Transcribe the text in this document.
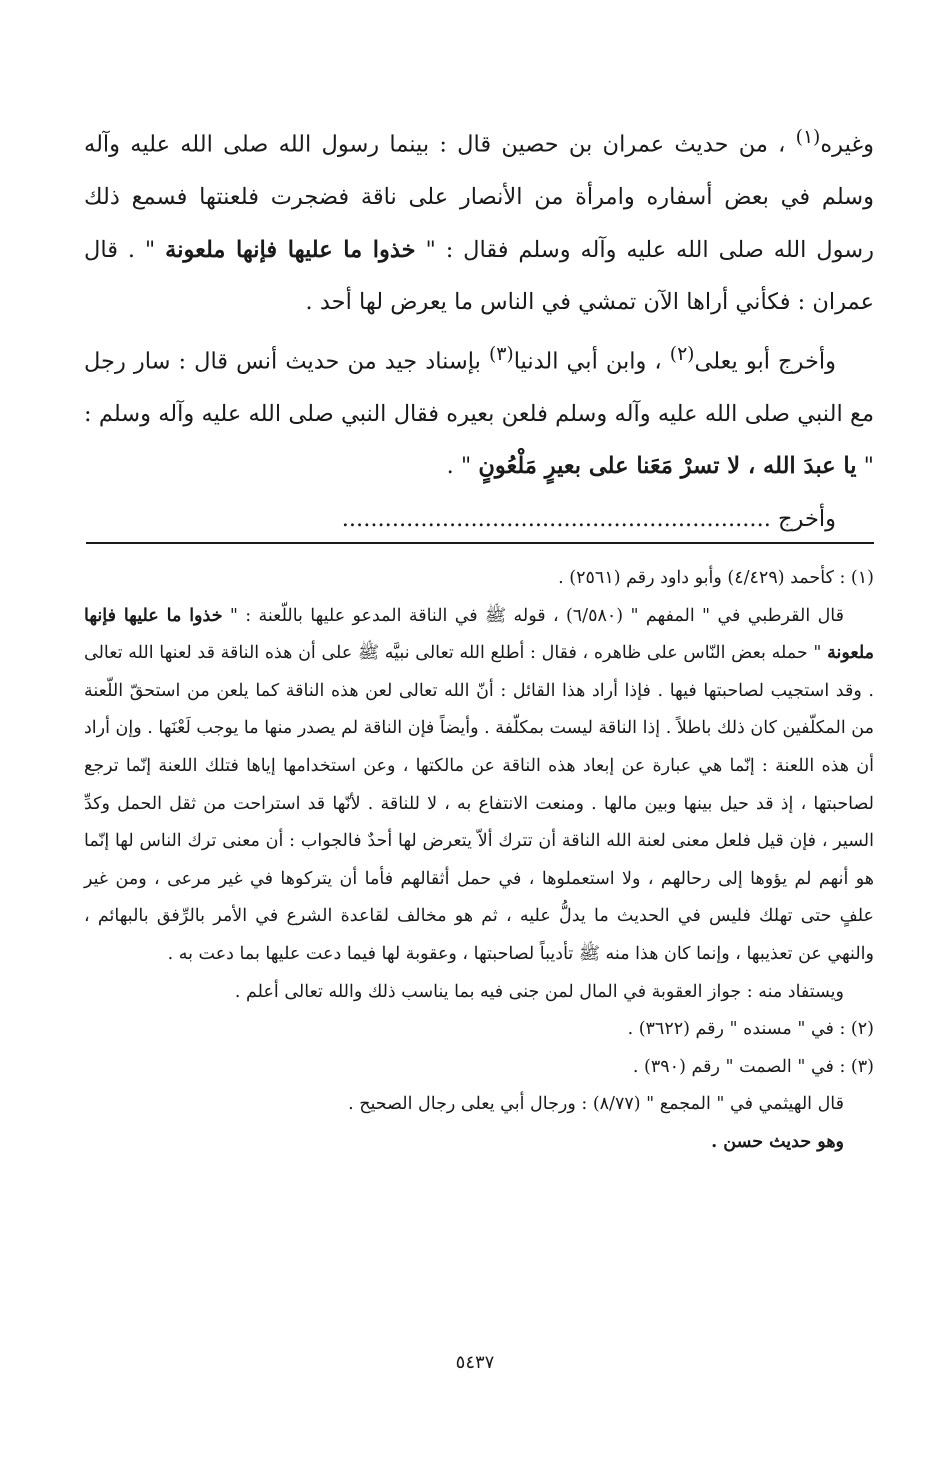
وغيره$^{(١)}$ ، من حديث عمران بن حصين قال : بينما رسول الله صلى الله عليه وآله وسلم في بعض أسفاره وامرأة من الأنصار على ناقة فضجرت فلعنتها فسمع ذلك رسول الله صلى الله عليه وآله وسلم فقال : " خذوا ما عليها فإنها ملعونة " . قال عمران : فكأني أراها الآن تمشي في الناس ما يعرض لها أحد .

وأخرج أبو يعلى$^{(٢)}$ ، وابن أبي الدنيا$^{(٣)}$ بإسناد جيد من حديث أنس قال : سار رجل مع النبي صلى الله عليه وآله وسلم فلعن بعيره فقال النبي صلى الله عليه وآله وسلم : " يا عبدَ الله ، لا تسرْ مَعَنا على بعيرٍ مَلْعُونٍ " .

وأخرج ............................................................

(١) : كأحمد (٤/٤٢٩) وأبو داود رقم (٢٥٦١) .

قال القرطبي في " المفهم " (٦/٥٨٠) ، قوله ﷺ في الناقة المدعو عليها باللّعنة : " خذوا ما عليها فإنها ملعونة " حمله بعض النّاس على ظاهره ، فقال : أطلع الله تعالى نبيَّه ﷺ على أن هذه الناقة قد لعنها الله تعالى . وقد استجيب لصاحبتها فيها . فإذا أراد هذا القائل : أنّ الله تعالى لعن هذه الناقة كما يلعن من استحقّ اللّعنة من المكلّفين كان ذلك باطلاً . إذا الناقة ليست بمكلّفة . وأيضاً فإن الناقة لم يصدر منها ما يوجب لَعْنَها . وإن أراد أن هذه اللعنة : إنّما هي عبارة عن إبعاد هذه الناقة عن مالكتها ، وعن استخدامها إياها فتلك اللعنة إنّما ترجع لصاحبتها ، إذ قد حيل بينها وبين مالها . ومنعت الانتفاع به ، لا للناقة . لأنّها قد استراحت من ثقل الحمل وكدِّ السير ، فإن قيل فلعل معنى لعنة الله الناقة أن تترك ألاّ يتعرض لها أحدٌ فالجواب : أن معنى ترك الناس لها إنّما هو أنهم لم يؤوها إلى رحالهم ، ولا استعملوها ، في حمل أثقالهم فأما أن يتركوها في غير مرعى ، ومن غير علفٍ حتى تهلك فليس في الحديث ما يدلُّ عليه ، ثم هو مخالف لقاعدة الشرع في الأمر بالرِّفق بالبهائم ، والنهي عن تعذيبها ، وإنما كان هذا منه ﷺ تأديباً لصاحبتها ، وعقوبة لها فيما دعت عليها بما دعت به .

ويستفاد منه : جواز العقوبة في المال لمن جنى فيه بما يناسب ذلك والله تعالى أعلم .

(٢) : في " مسنده " رقم (٣٦٢٢) .

(٣) : في " الصمت " رقم (٣٩٠) .

قال الهيثمي في " المجمع " (٨/٧٧) : ورجال أبي يعلى رجال الصحيح .

وهو حديث حسن .

٥٤٣٧
